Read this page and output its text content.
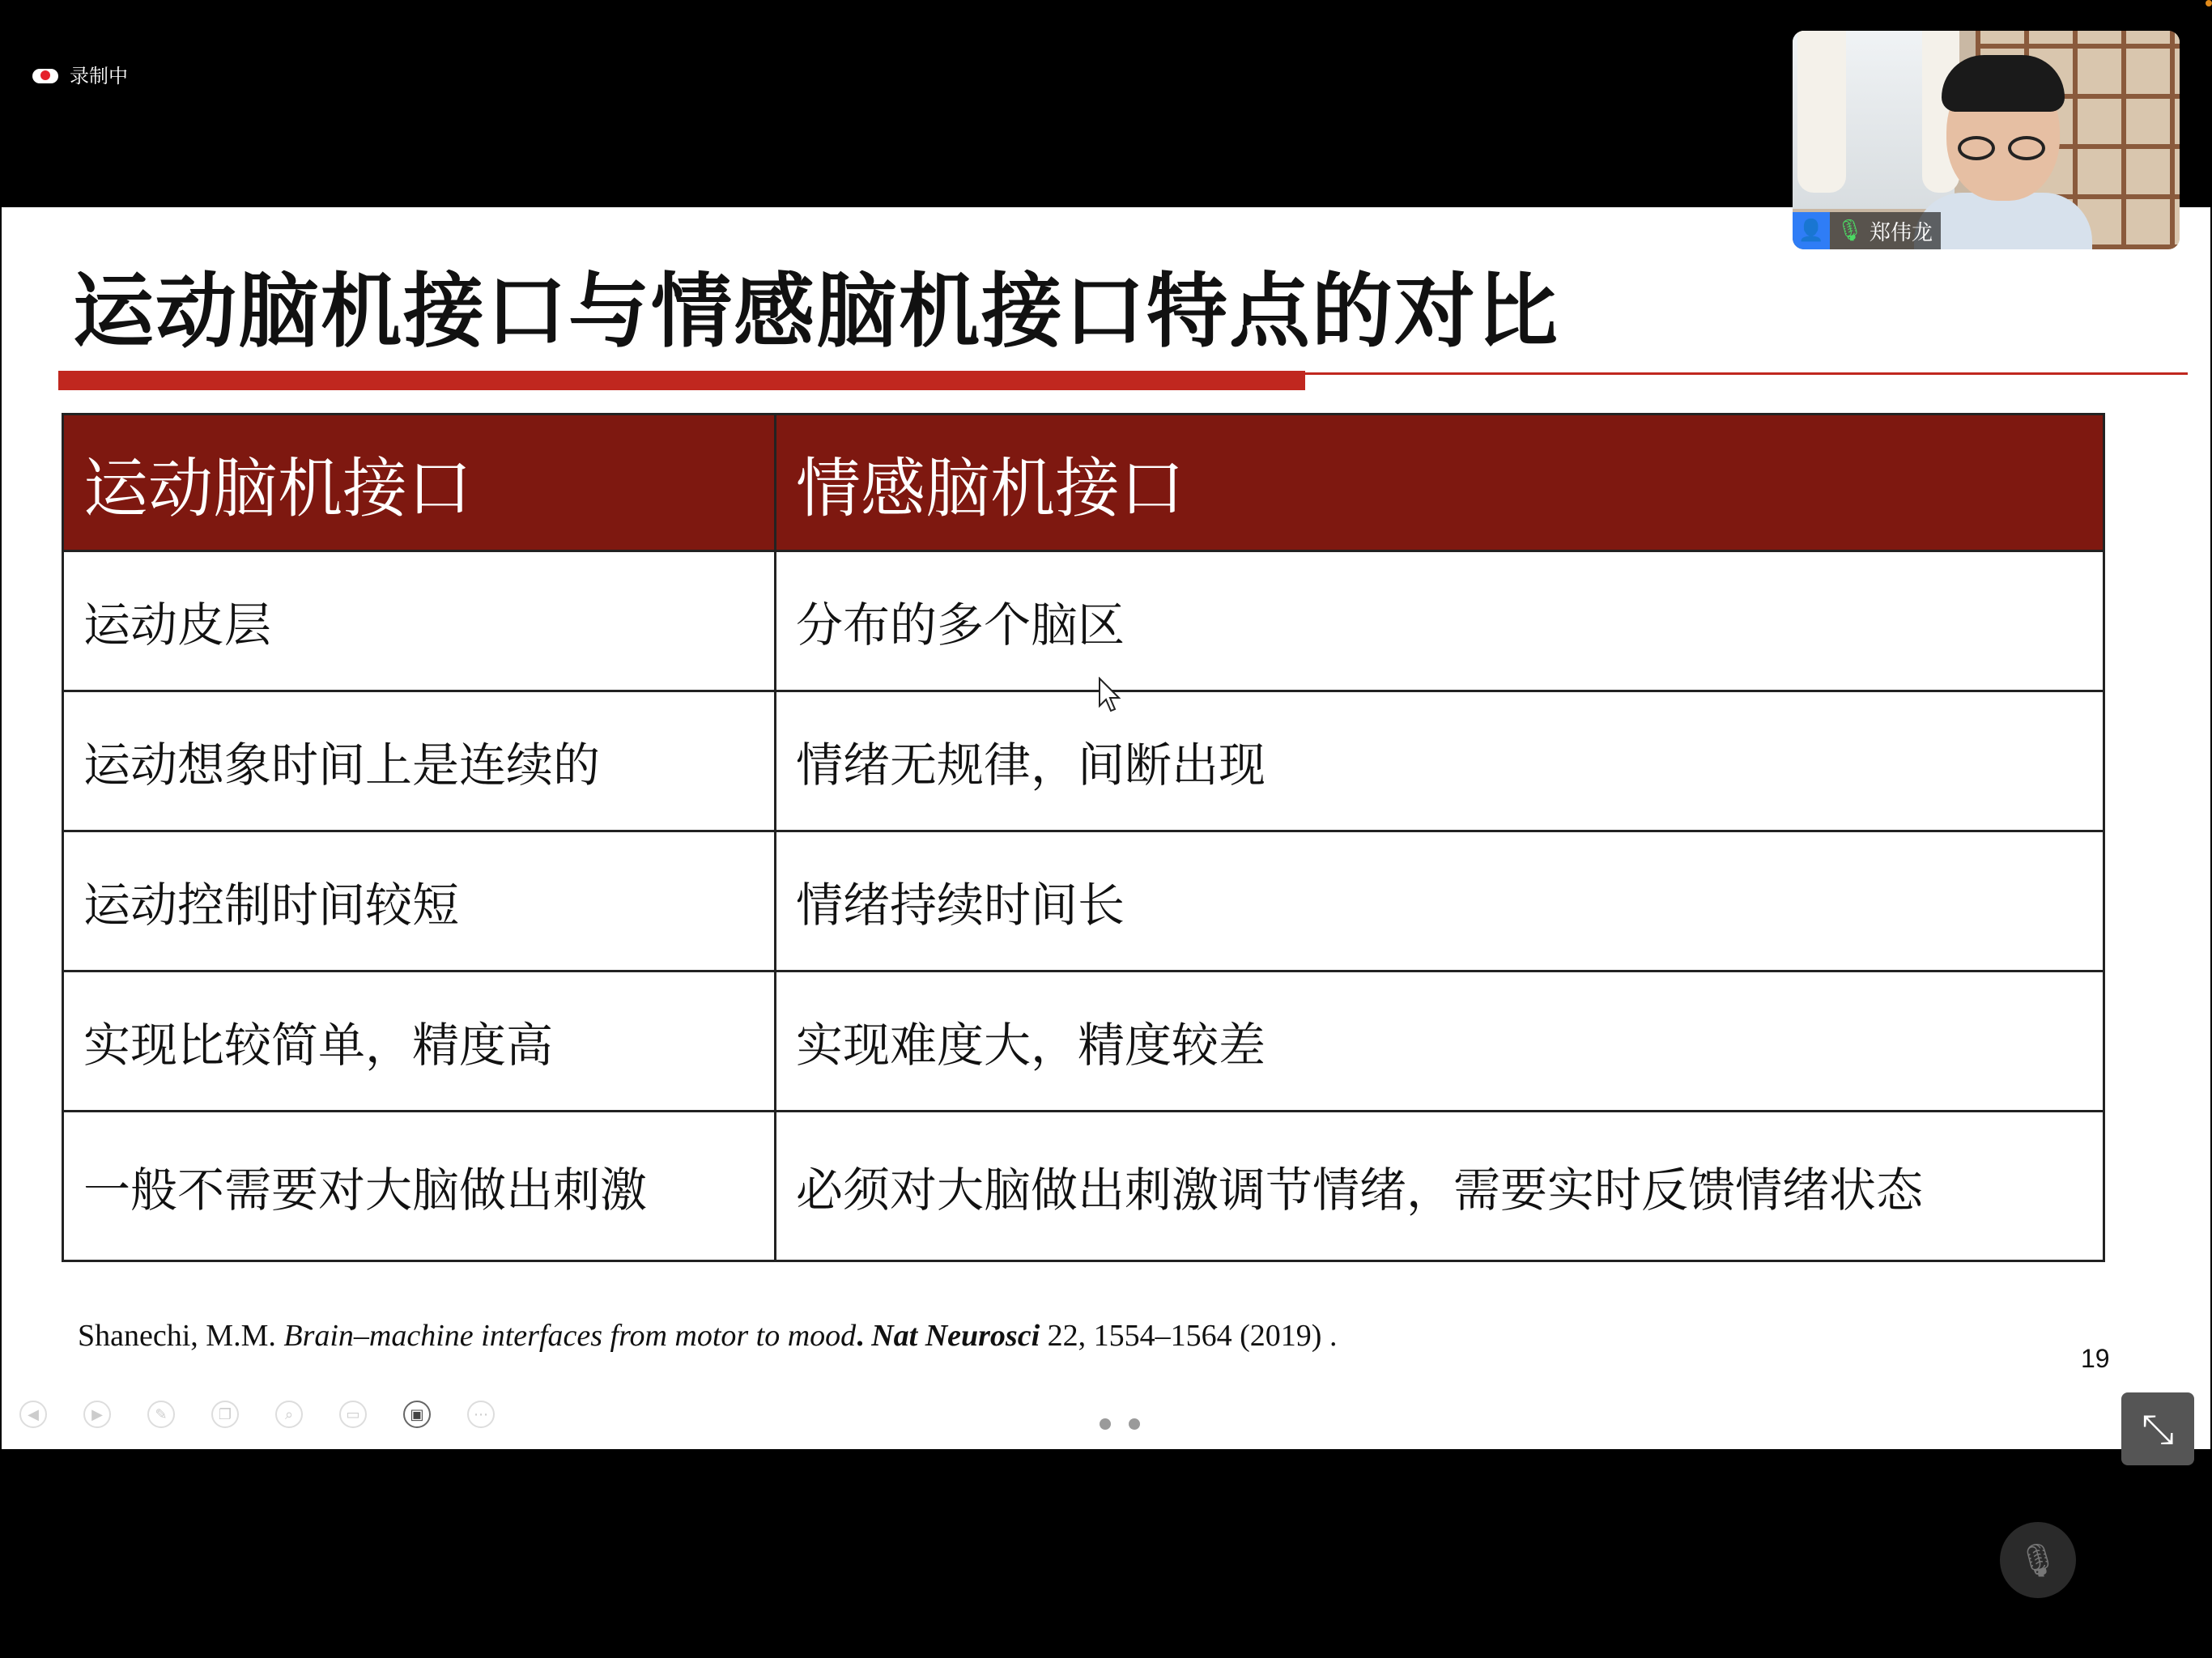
录制中
运动脑机接口与情感脑机接口特点的对比
运动脑机接口	情感脑机接口
运动皮层	分布的多个脑区
运动想象时间上是连续的	情绪无规律，间断出现
运动控制时间较短	情绪持续时间长
实现比较简单，精度高	实现难度大，精度较差
一般不需要对大脑做出刺激	必须对大脑做出刺激调节情绪，需要实时反馈情绪状态
Shanechi, M.M. Brain–machine interfaces from motor to mood. Nat Neurosci 22, 1554–1564 (2019) .
19
◀	▶	✎	❐	⌕	▭	▣	⋯	⤡
👤 🎙 郑伟龙
🎙
